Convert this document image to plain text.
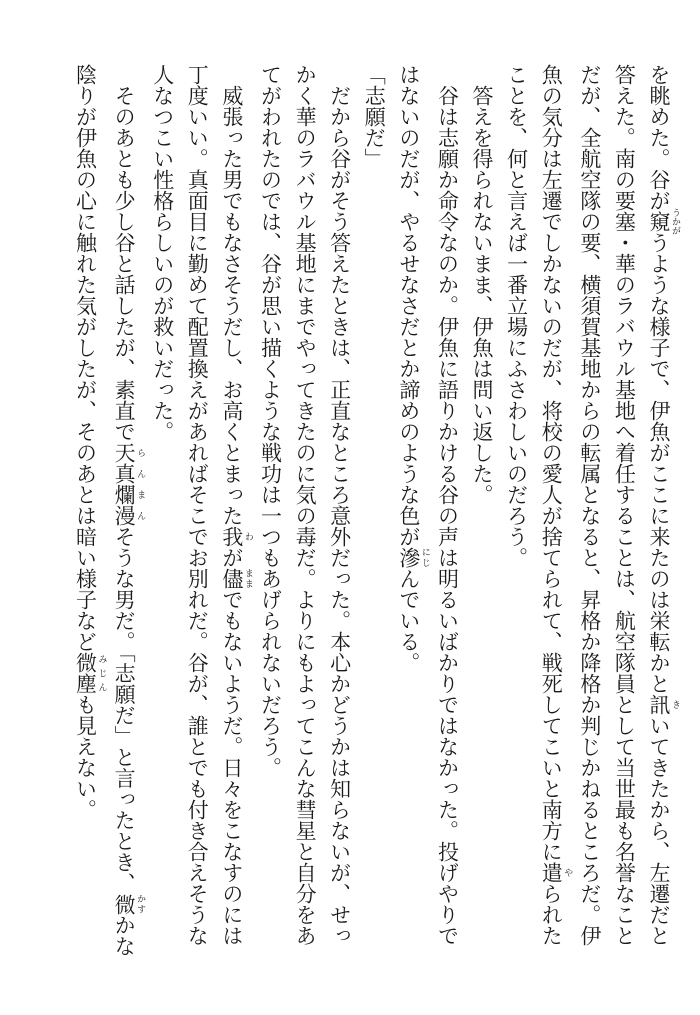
を眺めた。谷が窺 うかがうような様子で、伊魚がここに来たのは栄転かと訊 きいてきたから、左遷だと
答えた。南の要塞・華のラバウル基地へ着任することは、航空隊員として当世最も名誉なこと
だが、全航空隊の要、横須賀基地からの転属となると、昇格か降格か判じかねるところだ。伊
魚の気分は左遷でしかないのだが、将校の愛人が捨てられて、戦死してこいと南方に遣 やられた
ことを、何と言えば一番立場にふさわしいのだろう。
　答えを得られないまま、伊魚は問い返した。
　谷は志願か命令なのか。伊魚に語りかける谷の声は明るいばかりではなかった。投げやりで
はないのだが、やるせなさだとか諦めのような色が滲 にじんでいる。
「志願だ」
　だから谷がそう答えたときは、正直なところ意外だった。本心かどうかは知らないが、せっ
かく華のラバウル基地にまでやってきたのに気の毒だ。よりにもよってこんな彗星と自分をあ
てがわれたのでは、谷が思い描くような戦功は一つもあげられないだろう。
　威張った男でもなさそうだし、お高くとまった我 わが儘 ままでもないようだ。日々をこなすのには
丁度いい。真面目に勤めて配置換えがあればそこでお別れだ。谷が、誰とでも付き合えそうな
人なつこい性格らしいのが救いだった。
　そのあとも少し谷と話したが、素直で天真爛漫 らんまんそうな男だ。「志願だ」と言ったとき、微 かすかな
陰りが伊魚の心に触れた気がしたが、そのあとは暗い様子など微塵 みじんも見えない。
